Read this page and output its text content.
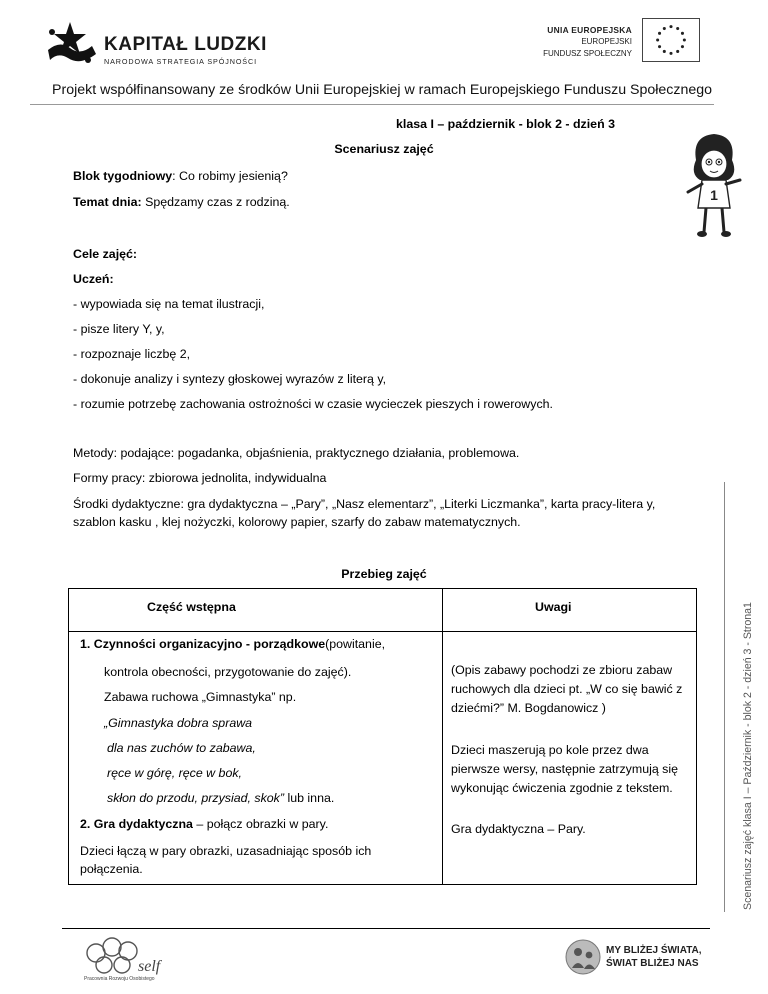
KAPITAŁ LUDZKI
NARODOWA STRATEGIA SPÓJNOŚCI
UNIA EUROPEJSKA
EUROPEJSKI
FUNDUSZ SPOŁECZNY
Projekt współfinansowany ze środków Unii Europejskiej w ramach Europejskiego Funduszu Społecznego
1
klasa I – październik - blok 2 - dzień 3
Scenariusz zajęć
Blok tygodniowy: Co robimy jesienią?
Temat dnia: Spędzamy czas z rodziną.
Cele zajęć:
Uczeń:
- wypowiada się na temat ilustracji,
- pisze litery Y, y,
- rozpoznaje liczbę 2,
- dokonuje analizy i syntezy głoskowej wyrazów z literą y,
- rozumie potrzebę zachowania ostrożności w czasie wycieczek pieszych i rowerowych.
Metody: podające: pogadanka, objaśnienia, praktycznego działania, problemowa.
Formy pracy: zbiorowa jednolita, indywidualna
Środki dydaktyczne: gra dydaktyczna – „Pary”, „Nasz elementarz”, „Literki Liczmanka”, karta pracy-litera y,
szablon kasku , klej nożyczki, kolorowy papier, szarfy do zabaw matematycznych.
Przebieg zajęć
Część wstępna	Uwagi
1. Czynności organizacyjno - porządkowe(powitanie,
kontrola obecności, przygotowanie do zajęć).
Zabawa ruchowa „Gimnastyka” np.
„Gimnastyka dobra sprawa
dla nas zuchów to zabawa,
ręce w górę, ręce w bok,
skłon do przodu, przysiad, skok” lub inna.
2. Gra dydaktyczna – połącz obrazki w pary.
Dzieci łączą w pary obrazki, uzasadniając sposób ich
połączenia.
(Opis zabawy pochodzi ze zbioru zabaw ruchowych dla dzieci pt. „W co się bawić z dziećmi?” M. Bogdanowicz )
Dzieci maszerują po kole przez dwa pierwsze wersy, następnie zatrzymują się wykonując ćwiczenia zgodnie z tekstem.
Gra dydaktyczna – Pary.	Scenariusz zajęć klasa I – Październik - blok 2 - dzień 3 - Strona1
self
Pracownia Rozwoju Osobistego
MY BLIŻEJ ŚWIATA,
ŚWIAT BLIŻEJ NAS
